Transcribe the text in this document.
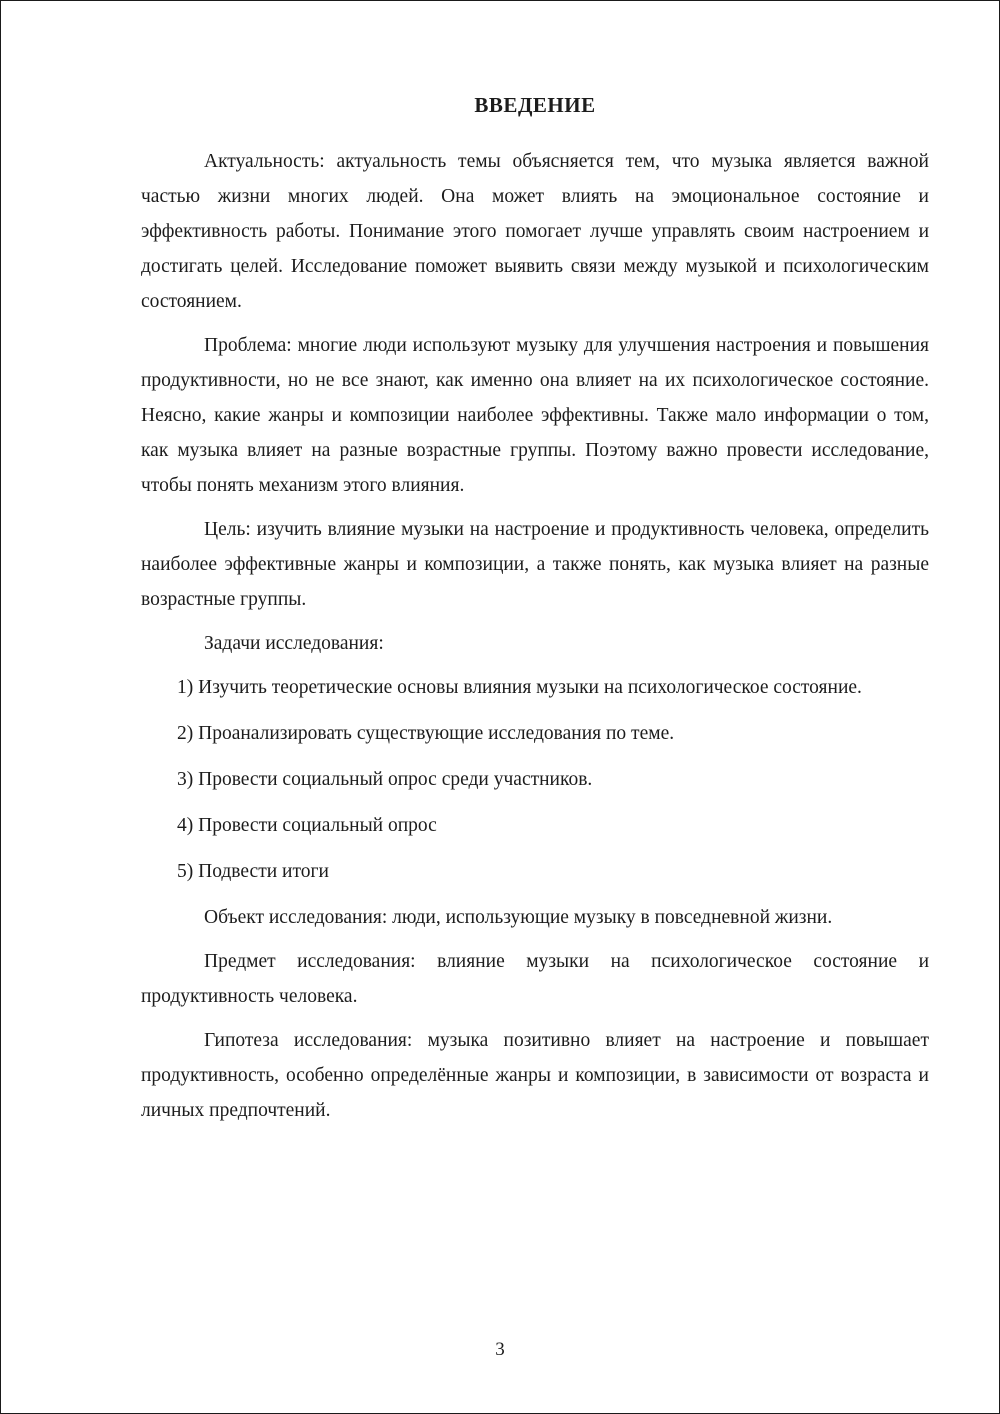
ВВЕДЕНИЕ

Актуальность: актуальность темы объясняется тем, что музыка является важной частью жизни многих людей. Она может влиять на эмоциональное состояние и эффективность работы. Понимание этого помогает лучше управлять своим настроением и достигать целей. Исследование поможет выявить связи между музыкой и психологическим состоянием.

Проблема: многие люди используют музыку для улучшения настроения и повышения продуктивности, но не все знают, как именно она влияет на их психологическое состояние. Неясно, какие жанры и композиции наиболее эффективны. Также мало информации о том, как музыка влияет на разные возрастные группы. Поэтому важно провести исследование, чтобы понять механизм этого влияния.

Цель: изучить влияние музыки на настроение и продуктивность человека, определить наиболее эффективные жанры и композиции, а также понять, как музыка влияет на разные возрастные группы.

Задачи исследования:

1) Изучить теоретические основы влияния музыки на психологическое состояние.

2) Проанализировать существующие исследования по теме.

3) Провести социальный опрос среди участников.

4) Провести социальный опрос

5) Подвести итоги

Объект исследования: люди, использующие музыку в повседневной жизни.

Предмет исследования: влияние музыки на психологическое состояние и продуктивность человека.

Гипотеза исследования: музыка позитивно влияет на настроение и повышает продуктивность, особенно определённые жанры и композиции, в зависимости от возраста и личных предпочтений.

3
